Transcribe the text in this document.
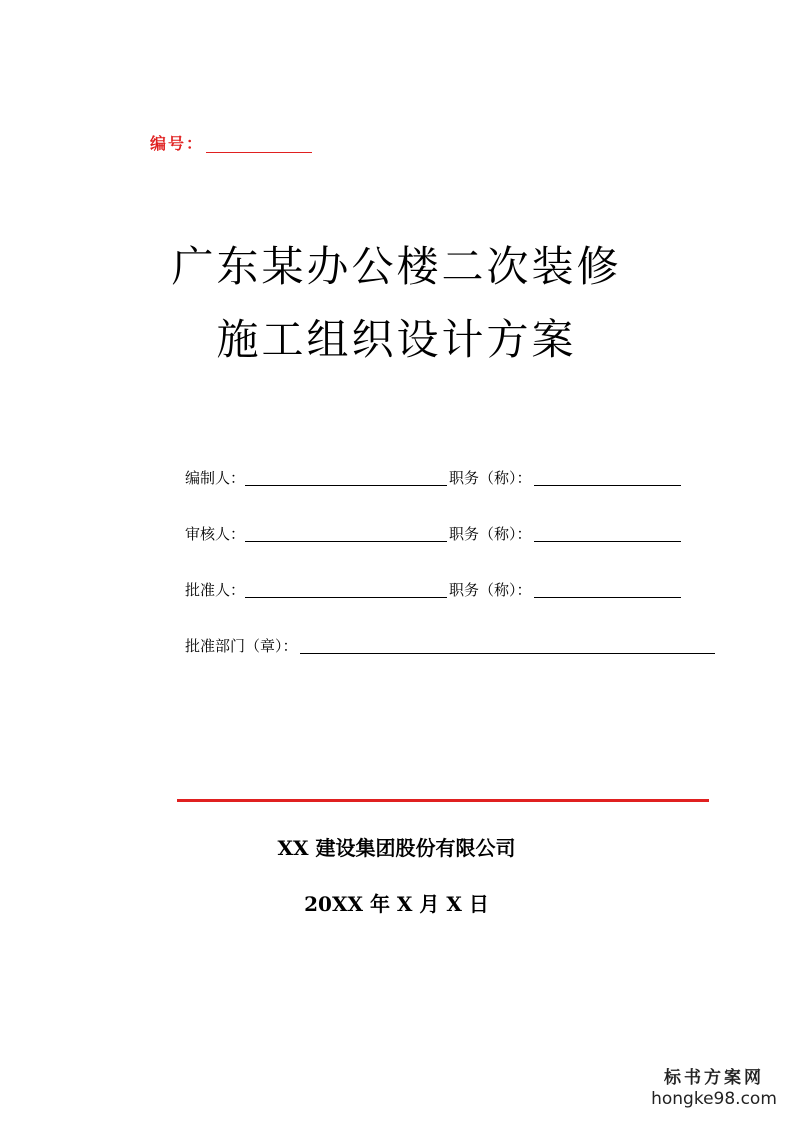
编号：
广东某办公楼二次装修
施工组织设计方案
编制人：	职务（称）：
审核人：	职务（称）：
批准人：	职务（称）：
批准部门（章）：
XX 建设集团股份有限公司
20XX 年 X 月 X 日
标书方案网
hongke98.com
